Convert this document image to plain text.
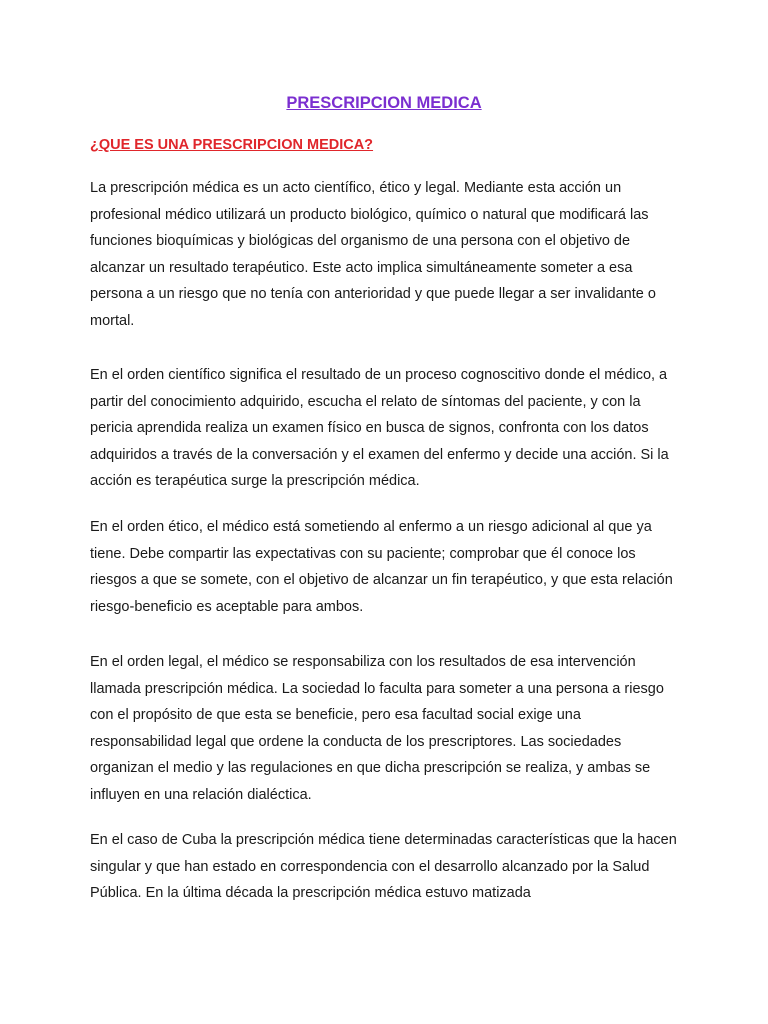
PRESCRIPCION MEDICA
¿QUE ES UNA PRESCRIPCION MEDICA?

La prescripción médica es un acto científico, ético y legal. Mediante esta acción un profesional médico utilizará un producto biológico, químico o natural que modificará las funciones bioquímicas y biológicas del organismo de una persona con el objetivo de alcanzar un resultado terapéutico. Este acto implica simultáneamente someter a esa persona a un riesgo que no tenía con anterioridad y que puede llegar a ser invalidante o mortal.

En el orden científico significa el resultado de un proceso cognoscitivo donde el médico, a partir del conocimiento adquirido, escucha el relato de síntomas del paciente, y con la pericia aprendida realiza un examen físico en busca de signos, confronta con los datos adquiridos a través de la conversación y el examen del enfermo y decide una acción. Si la acción es terapéutica surge la prescripción médica.

En el orden ético, el médico está sometiendo al enfermo a un riesgo adicional al que ya tiene. Debe compartir las expectativas con su paciente; comprobar que él conoce los riesgos a que se somete, con el objetivo de alcanzar un fin terapéutico, y que esta relación riesgo-beneficio es aceptable para ambos.

En el orden legal, el médico se responsabiliza con los resultados de esa intervención llamada prescripción médica. La sociedad lo faculta para someter a una persona a riesgo con el propósito de que esta se beneficie, pero esa facultad social exige una responsabilidad legal que ordene la conducta de los prescriptores. Las sociedades organizan el medio y las regulaciones en que dicha prescripción se realiza, y ambas se influyen en una relación dialéctica.

En el caso de Cuba la prescripción médica tiene determinadas características que la hacen singular y que han estado en correspondencia con el desarrollo alcanzado por la Salud Pública. En la última década la prescripción médica estuvo matizada
